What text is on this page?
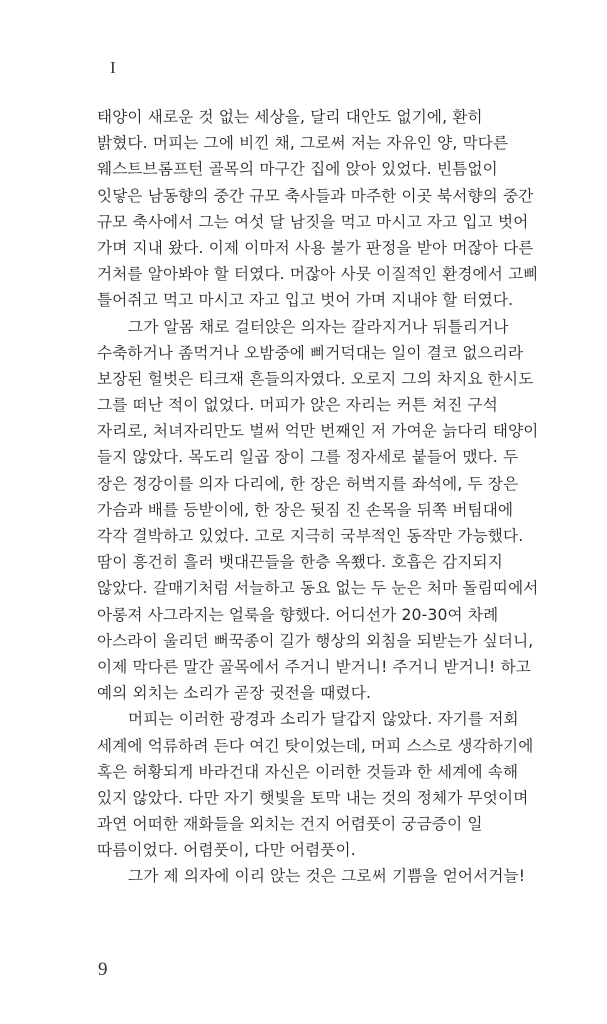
I
태양이 새로운 것 없는 세상을, 달리 대안도 없기에, 환히
밝혔다. 머피는 그에 비낀 채, 그로써 저는 자유인 양, 막다른
웨스트브롬프턴 골목의 마구간 집에 앉아 있었다. 빈틈없이
잇닿은 남동향의 중간 규모 축사들과 마주한 이곳 북서향의 중간
규모 축사에서 그는 여섯 달 남짓을 먹고 마시고 자고 입고 벗어
가며 지내 왔다. 이제 이마저 사용 불가 판정을 받아 머잖아 다른
거처를 알아봐야 할 터였다. 머잖아 사뭇 이질적인 환경에서 고삐
틀어쥐고 먹고 마시고 자고 입고 벗어 가며 지내야 할 터였다.
그가 알몸 채로 걸터앉은 의자는 갈라지거나 뒤틀리거나
수축하거나 좀먹거나 오밤중에 삐거덕대는 일이 결코 없으리라
보장된 헐벗은 티크재 흔들의자였다. 오로지 그의 차지요 한시도
그를 떠난 적이 없었다. 머피가 앉은 자리는 커튼 쳐진 구석
자리로, 처녀자리만도 벌써 억만 번째인 저 가여운 늙다리 태양이
들지 않았다. 목도리 일곱 장이 그를 정자세로 붙들어 맸다. 두
장은 정강이를 의자 다리에, 한 장은 허벅지를 좌석에, 두 장은
가슴과 배를 등받이에, 한 장은 뒷짐 진 손목을 뒤쪽 버팀대에
각각 결박하고 있었다. 고로 지극히 국부적인 동작만 가능했다.
땀이 흥건히 흘러 뱃대끈들을 한층 옥쬈다. 호흡은 감지되지
않았다. 갈매기처럼 서늘하고 동요 없는 두 눈은 처마 돌림띠에서
아롱져 사그라지는 얼룩을 향했다. 어디선가 20-30여 차례
아스라이 울리던 뻐꾹종이 길가 행상의 외침을 되받는가 싶더니,
이제 막다른 말간 골목에서 주거니 받거니! 주거니 받거니! 하고
예의 외치는 소리가 곧장 귓전을 때렸다.
머피는 이러한 광경과 소리가 달갑지 않았다. 자기를 저회
세계에 억류하려 든다 여긴 탓이었는데, 머피 스스로 생각하기에
혹은 허황되게 바라건대 자신은 이러한 것들과 한 세계에 속해
있지 않았다. 다만 자기 햇빛을 토막 내는 것의 정체가 무엇이며
과연 어떠한 재화들을 외치는 건지 어렴풋이 궁금증이 일
따름이었다. 어렴풋이, 다만 어렴풋이.
그가 제 의자에 이리 앉는 것은 그로써 기쁨을 얻어서거늘!
9
